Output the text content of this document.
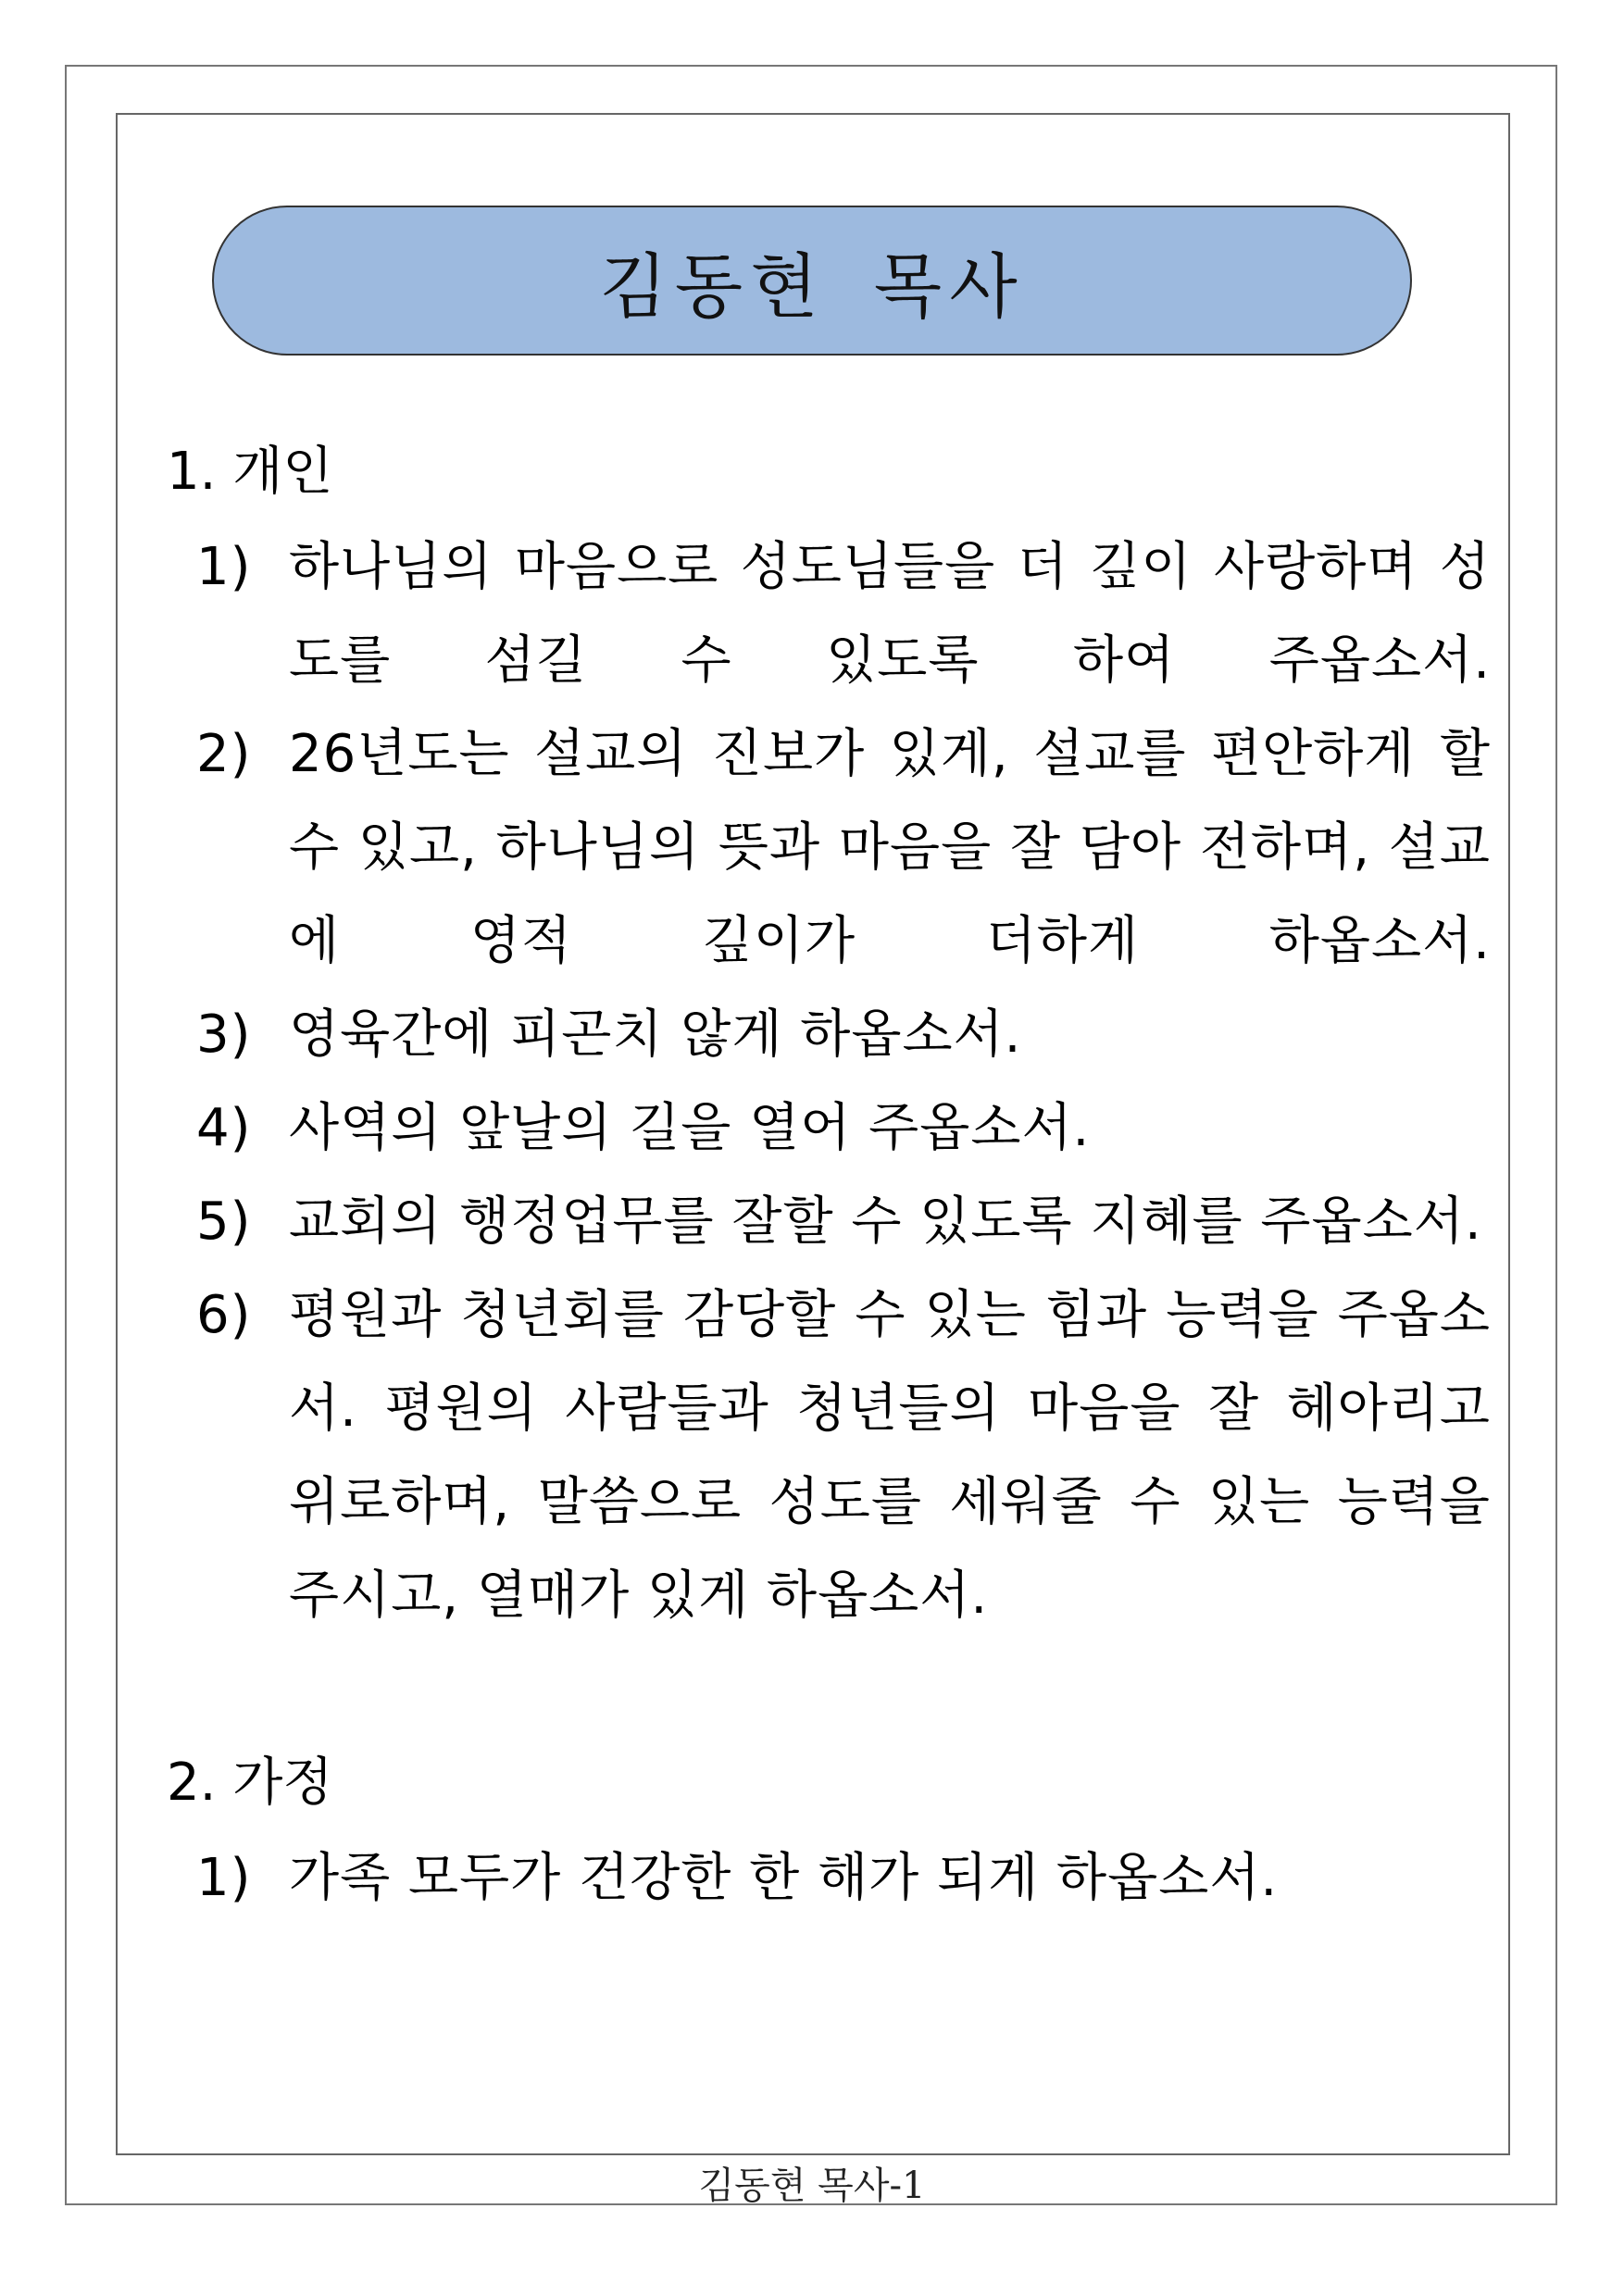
김동현 목사
1. 개인
1) 하나님의 마음으로 성도님들을 더 깊이 사랑하며 성도를 섬길 수 있도록 하여 주옵소서.
2) 26년도는 설교의 진보가 있게, 설교를 편안하게 할 수 있고, 하나님의 뜻과 마음을 잘 담아 전하며, 설교에 영적 깊이가 더하게 하옵소서.
3) 영육간에 피곤치 않게 하옵소서.
4) 사역의 앞날의 길을 열어 주옵소서.
5) 교회의 행정업무를 잘할 수 있도록 지혜를 주옵소서.
6) 평원과 청년회를 감당할 수 있는 힘과 능력을 주옵소서. 평원의 사람들과 청년들의 마음을 잘 헤아리고 위로하며, 말씀으로 성도를 세워줄 수 있는 능력을 주시고, 열매가 있게 하옵소서.
2. 가정
1) 가족 모두가 건강한 한 해가 되게 하옵소서.
김동현 목사-1
